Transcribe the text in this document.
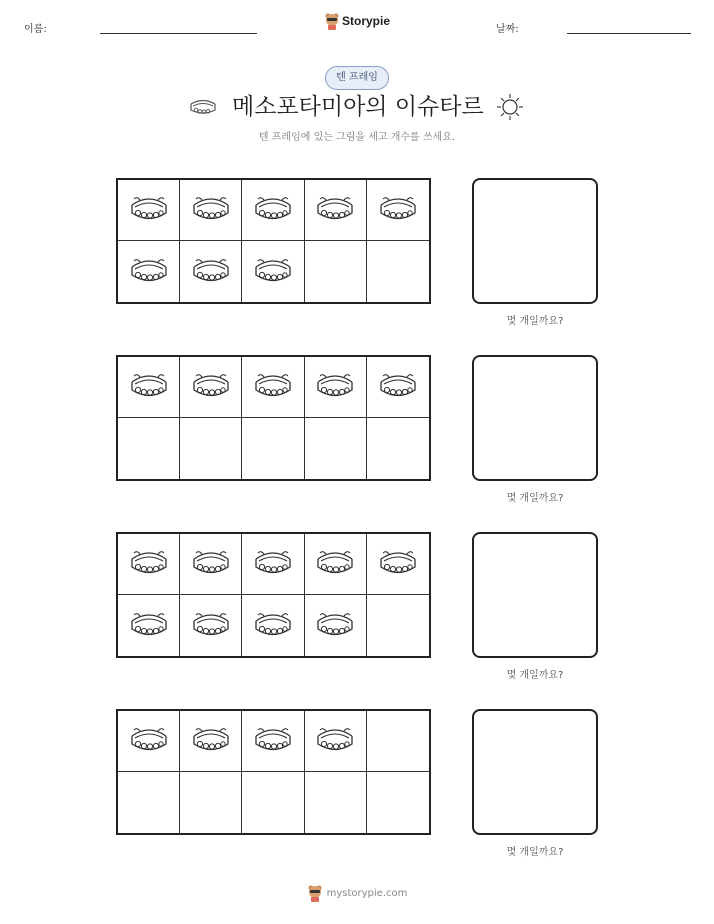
이름:
Storypie
날짜:
텐 프레임
메소포타미아의 이슈타르
텐 프레임에 있는 그림을 세고 개수를 쓰세요.
몇 개일까요?
몇 개일까요?
몇 개일까요?
몇 개일까요?
mystorypie.com
